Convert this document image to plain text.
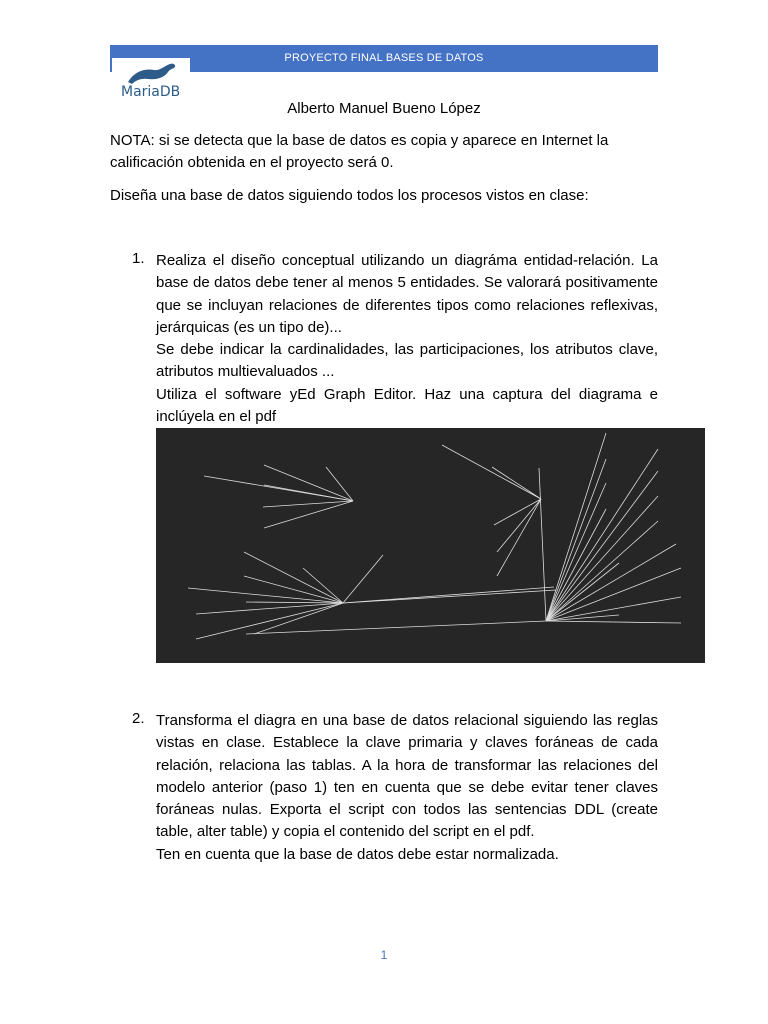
PROYECTO FINAL BASES DE DATOS
MariaDB
Alberto Manuel Bueno López
NOTA: si se detecta que la base de datos es copia y aparece en Internet la calificación obtenida en el proyecto será 0.
Diseña una base de datos siguiendo todos los procesos vistos en clase:
1. Realiza el diseño conceptual utilizando un diagráma entidad-relación. La base de datos debe tener al menos 5 entidades. Se valorará positivamente que se incluyan relaciones de diferentes tipos como relaciones reflexivas, jerárquicas (es un tipo de)...

Se debe indicar la cardinalidades, las participaciones, los atributos clave, atributos multievaluados ...

Utiliza el software yEd Graph Editor. Haz una captura del diagrama e inclúyela en el pdf

2. Transforma el diagra en una base de datos relacional siguiendo las reglas vistas en clase. Establece la clave primaria y claves foráneas de cada relación, relaciona las tablas. A la hora de transformar las relaciones del modelo anterior (paso 1) ten en cuenta que se debe evitar tener claves foráneas nulas. Exporta el script con todos las sentencias DDL (create table, alter table) y copia el contenido del script en el pdf.

Ten en cuenta que la base de datos debe estar normalizada.

1
